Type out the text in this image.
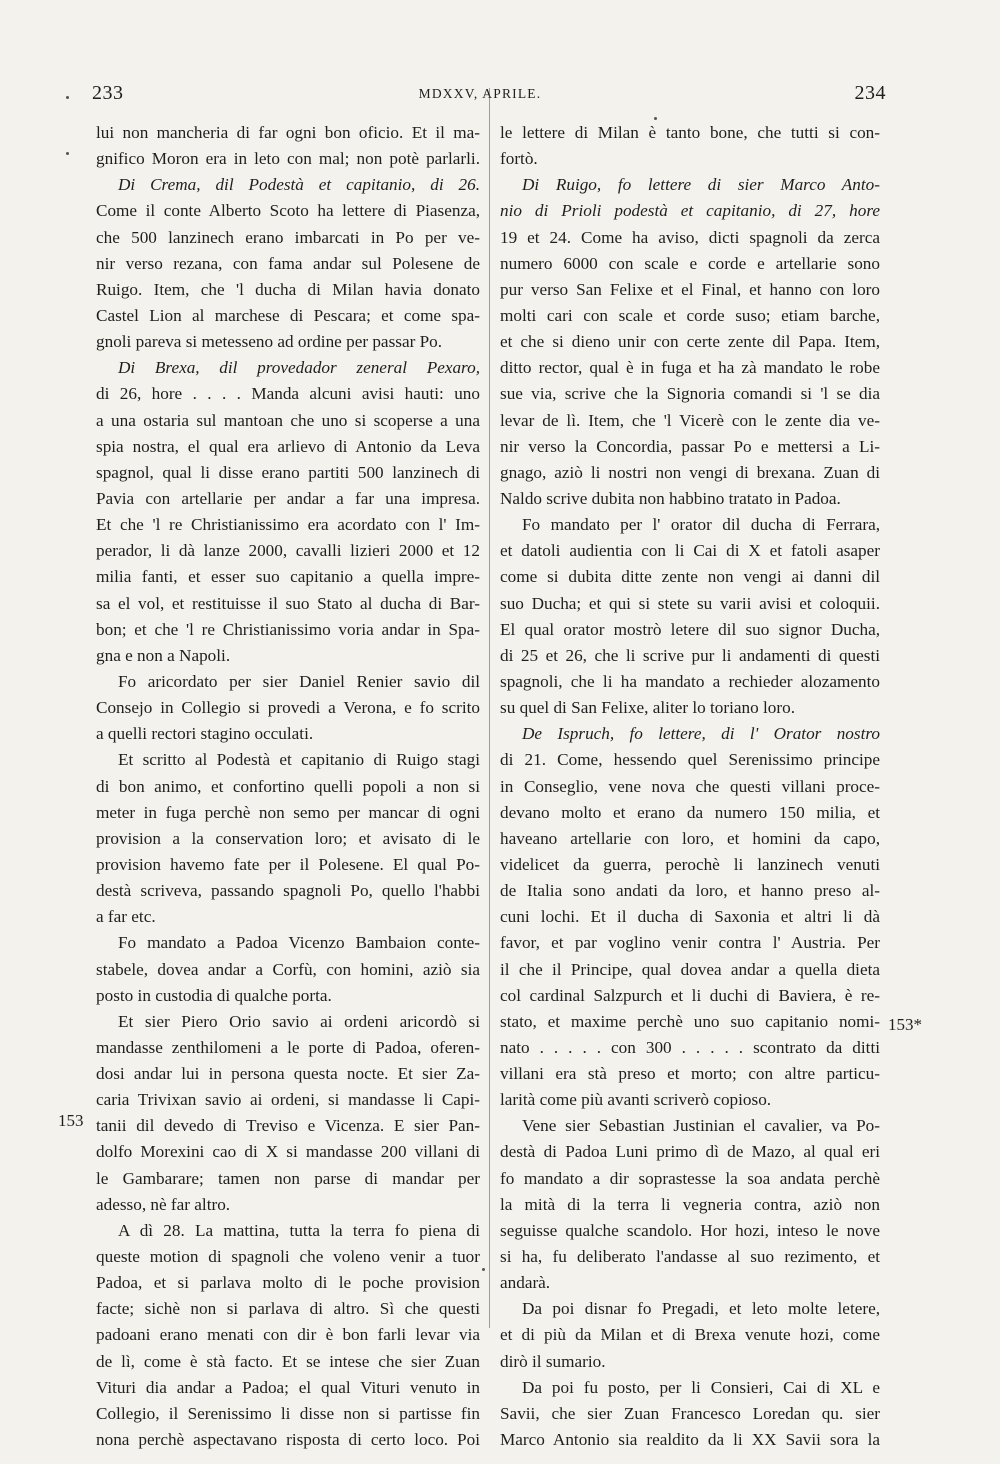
233	MDXXV, APRILE.	234
lui non mancheria di far ogni bon oficio. Et il ma-
gnifico Moron era in leto con mal; non potè parlarli.
Di Crema, dil Podestà et capitanio, di 26.
Come il conte Alberto Scoto ha lettere di Piasenza,
che 500 lanzinech erano imbarcati in Po per ve-
nir verso rezana, con fama andar sul Polesene de
Ruigo. Item, che 'l ducha di Milan havia donato
Castel Lion al marchese di Pescara; et come spa-
gnoli pareva si metesseno ad ordine per passar Po.
Di Brexa, dil provedador zeneral Pexaro,
di 26, hore . . . . Manda alcuni avisi hauti: uno
a una ostaria sul mantoan che uno si scoperse a una
spia nostra, el qual era arlievo di Antonio da Leva
spagnol, qual li disse erano partiti 500 lanzinech di
Pavia con artellarie per andar a far una impresa.
Et che 'l re Christianissimo era acordato con l' Im-
perador, li dà lanze 2000, cavalli lizieri 2000 et 12
milia fanti, et esser suo capitanio a quella impre-
sa el vol, et restituisse il suo Stato al ducha di Bar-
bon; et che 'l re Christianissimo voria andar in Spa-
gna e non a Napoli.
Fo aricordato per sier Daniel Renier savio dil
Consejo in Collegio si provedi a Verona, e fo scrito
a quelli rectori stagino occulati.
Et scritto al Podestà et capitanio di Ruigo stagi
di bon animo, et confortino quelli popoli a non si
meter in fuga perchè non semo per mancar di ogni
provision a la conservation loro; et avisato di le
provision havemo fate per il Polesene. El qual Po-
destà scriveva, passando spagnoli Po, quello l'habbi
a far etc.
Fo mandato a Padoa Vicenzo Bambaion conte-
stabele, dovea andar a Corfù, con homini, aziò sia
posto in custodia di qualche porta.
Et sier Piero Orio savio ai ordeni aricordò si
mandasse zenthilomeni a le porte di Padoa, oferen-
dosi andar lui in persona questa nocte. Et sier Za-
caria Trivixan savio ai ordeni, si mandasse li Capi-
tanii dil devedo di Treviso e Vicenza. E sier Pan-
dolfo Morexini cao di X si mandasse 200 villani di
le Gambarare; tamen non parse di mandar per
adesso, nè far altro.
A dì 28. La mattina, tutta la terra fo piena di
queste motion di spagnoli che voleno venir a tuor
Padoa, et si parlava molto di le poche provision
facte; sichè non si parlava di altro. Sì che questi
padoani erano menati con dir è bon farli levar via
de lì, come è stà facto. Et se intese che sier Zuan
Vituri dia andar a Padoa; el qual Vituri venuto in
Collegio, il Serenissimo li disse non si partisse fin
nona perchè aspectavano risposta di certo loco. Poi
le lettere di Milan è tanto bone, che tutti si con-
fortò.
Di Ruigo, fo lettere di sier Marco Anto-
nio di Prioli podestà et capitanio, di 27, hore
19 et 24. Come ha aviso, dicti spagnoli da zerca
numero 6000 con scale e corde e artellarie sono
pur verso San Felixe et el Final, et hanno con loro
molti cari con scale et corde suso; etiam barche,
et che si dieno unir con certe zente dil Papa. Item,
ditto rector, qual è in fuga et ha zà mandato le robe
sue via, scrive che la Signoria comandi si 'l se dia
levar de lì. Item, che 'l Vicerè con le zente dia ve-
nir verso la Concordia, passar Po e mettersi a Li-
gnago, aziò li nostri non vengi di brexana. Zuan di
Naldo scrive dubita non habbino tratato in Padoa.
Fo mandato per l' orator dil ducha di Ferrara,
et datoli audientia con li Cai di X et fatoli asaper
come si dubita ditte zente non vengi ai danni dil
suo Ducha; et qui si stete su varii avisi et coloquii.
El qual orator mostrò letere dil suo signor Ducha,
di 25 et 26, che li scrive pur li andamenti di questi
spagnoli, che li ha mandato a rechieder alozamento
su quel di San Felixe, aliter lo toriano loro.
De Ispruch, fo lettere, di l' Orator nostro
di 21. Come, hessendo quel Serenissimo principe
in Conseglio, vene nova che questi villani proce-
devano molto et erano da numero 150 milia, et
haveano artellarie con loro, et homini da capo,
videlicet da guerra, perochè li lanzinech venuti
de Italia sono andati da loro, et hanno preso al-
cuni lochi. Et il ducha di Saxonia et altri li dà
favor, et par voglino venir contra l' Austria. Per
il che il Principe, qual dovea andar a quella dieta
col cardinal Salzpurch et li duchi di Baviera, è re-
stato, et maxime perchè uno suo capitanio nomi-
nato . . . . . con 300 . . . . . scontrato da ditti
villani era stà preso et morto; con altre particu-
larità come più avanti scriverò copioso.
Vene sier Sebastian Justinian el cavalier, va Po-
destà di Padoa Luni primo dì de Mazo, al qual eri
fo mandato a dir soprastesse la soa andata perchè
la mità di la terra li vegneria contra, aziò non
seguisse qualche scandolo. Hor hozi, inteso le nove
si ha, fu deliberato l'andasse al suo rezimento, et
andarà.
Da poi disnar fo Pregadi, et leto molte letere,
et di più da Milan et di Brexa venute hozi, come
dirò il sumario.
Da poi fu posto, per li Consieri, Cai di XL e
Savii, che sier Zuan Francesco Loredan qu. sier
Marco Antonio sia realdito da li XX Savii sora la
153
153*
